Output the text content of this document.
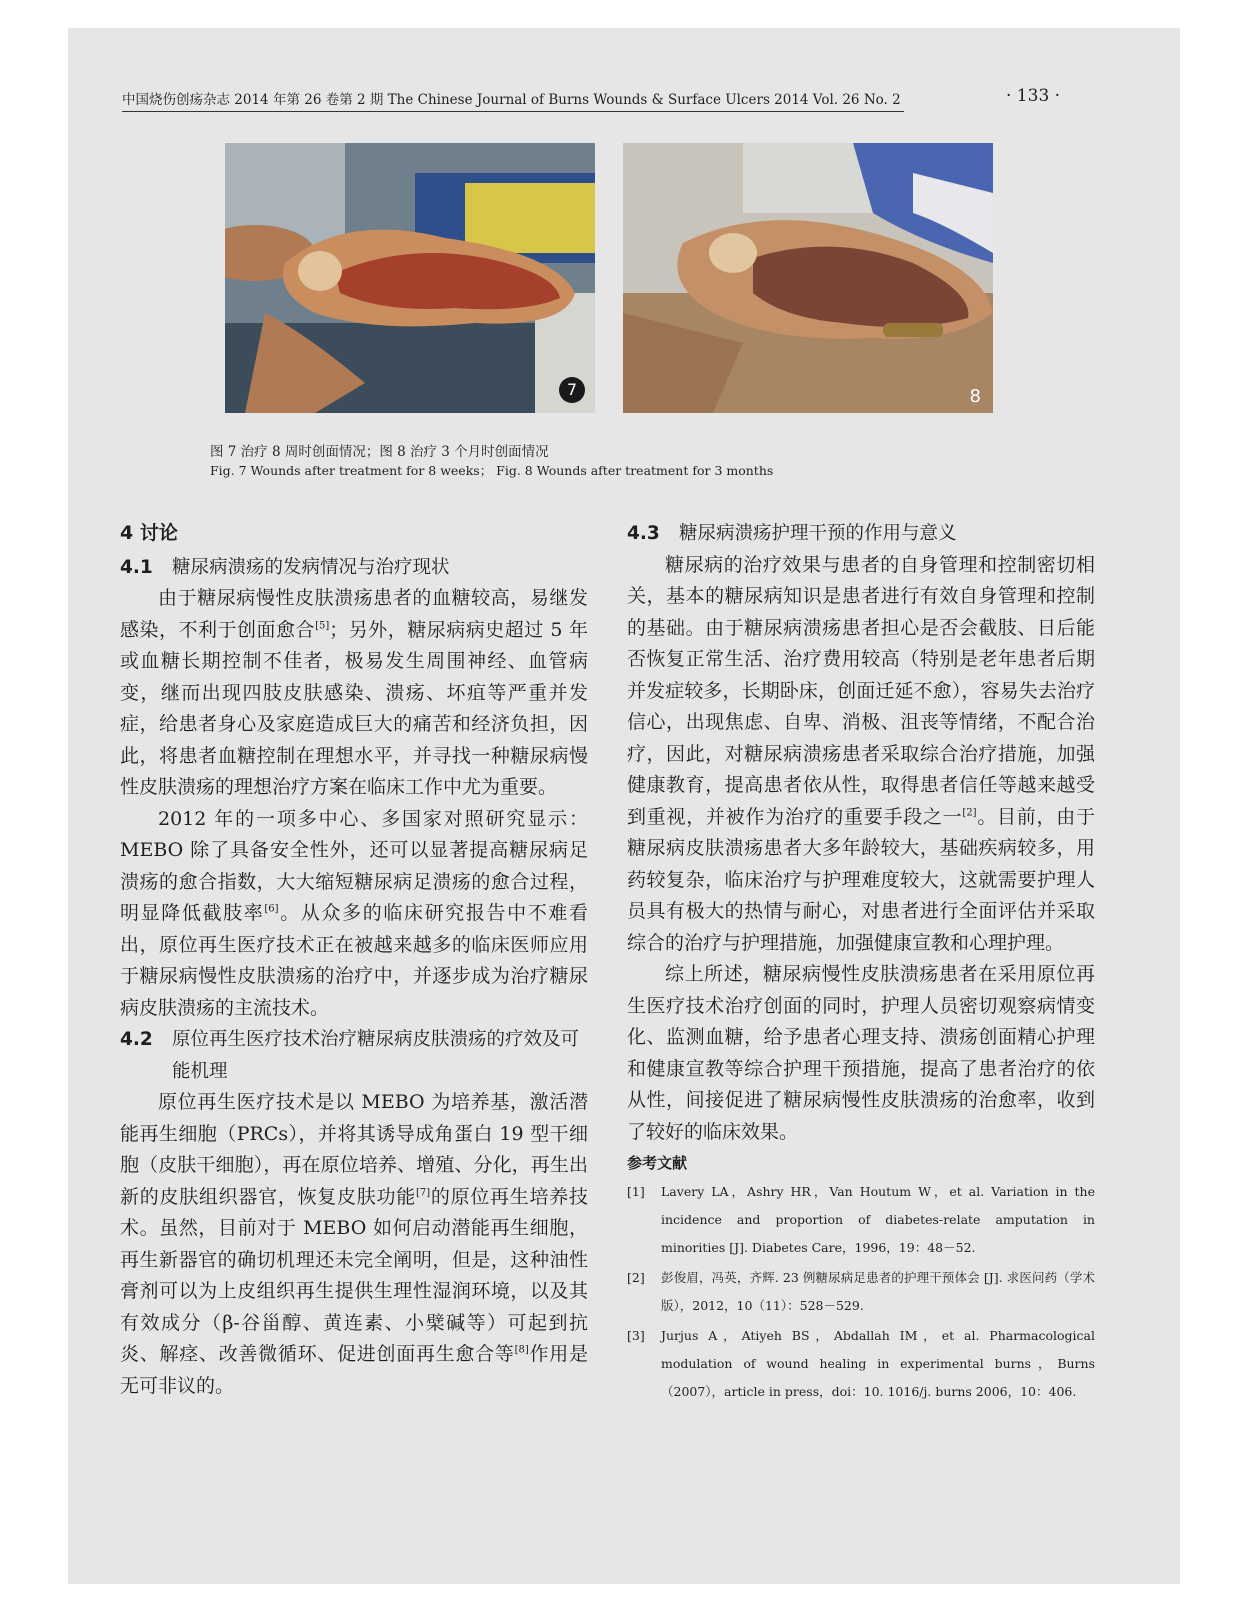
中国烧伤创疡杂志 2014 年第 26 卷第 2 期 The Chinese Journal of Burns Wounds & Surface Ulcers 2014 Vol. 26 No. 2	· 133 ·
7	8
图 7 治疗 8 周时创面情况；图 8 治疗 3 个月时创面情况
Fig. 7 Wounds after treatment for 8 weeks； Fig. 8 Wounds after treatment for 3 months
4 讨论
4.1 糖尿病溃疡的发病情况与治疗现状

由于糖尿病慢性皮肤溃疡患者的血糖较高，易继发感染，不利于创面愈合[5]；另外，糖尿病病史超过 5 年或血糖长期控制不佳者，极易发生周围神经、血管病变，继而出现四肢皮肤感染、溃疡、坏疽等严重并发症，给患者身心及家庭造成巨大的痛苦和经济负担，因此，将患者血糖控制在理想水平，并寻找一种糖尿病慢性皮肤溃疡的理想治疗方案在临床工作中尤为重要。

2012 年的一项多中心、多国家对照研究显示：MEBO 除了具备安全性外，还可以显著提高糖尿病足溃疡的愈合指数，大大缩短糖尿病足溃疡的愈合过程，明显降低截肢率[6]。从众多的临床研究报告中不难看出，原位再生医疗技术正在被越来越多的临床医师应用于糖尿病慢性皮肤溃疡的治疗中，并逐步成为治疗糖尿病皮肤溃疡的主流技术。

4.2 原位再生医疗技术治疗糖尿病皮肤溃疡的疗效及可能机理

原位再生医疗技术是以 MEBO 为培养基，激活潜能再生细胞（PRCs），并将其诱导成角蛋白 19 型干细胞（皮肤干细胞），再在原位培养、增殖、分化，再生出新的皮肤组织器官，恢复皮肤功能[7]的原位再生培养技术。虽然，目前对于 MEBO 如何启动潜能再生细胞，再生新器官的确切机理还未完全阐明，但是，这种油性膏剂可以为上皮组织再生提供生理性湿润环境，以及其有效成分（β-谷甾醇、黄连素、小檗碱等）可起到抗炎、解痉、改善微循环、促进创面再生愈合等[8]作用是无可非议的。

4.3 糖尿病溃疡护理干预的作用与意义

糖尿病的治疗效果与患者的自身管理和控制密切相关，基本的糖尿病知识是患者进行有效自身管理和控制的基础。由于糖尿病溃疡患者担心是否会截肢、日后能否恢复正常生活、治疗费用较高（特别是老年患者后期并发症较多，长期卧床，创面迁延不愈），容易失去治疗信心，出现焦虑、自卑、消极、沮丧等情绪，不配合治疗，因此，对糖尿病溃疡患者采取综合治疗措施，加强健康教育，提高患者依从性，取得患者信任等越来越受到重视，并被作为治疗的重要手段之一[2]。目前，由于糖尿病皮肤溃疡患者大多年龄较大，基础疾病较多，用药较复杂，临床治疗与护理难度较大，这就需要护理人员具有极大的热情与耐心，对患者进行全面评估并采取综合的治疗与护理措施，加强健康宣教和心理护理。

综上所述，糖尿病慢性皮肤溃疡患者在采用原位再生医疗技术治疗创面的同时，护理人员密切观察病情变化、监测血糖，给予患者心理支持、溃疡创面精心护理和健康宣教等综合护理干预措施，提高了患者治疗的依从性，间接促进了糖尿病慢性皮肤溃疡的治愈率，收到了较好的临床效果。

参考文献

[1] Lavery LA，Ashry HR，Van Houtum W，et al. Variation in the incidence and proportion of diabetes-relate amputation in minorities [J]. Diabetes Care，1996，19：48－52.

[2] 彭俊眉，冯英，齐辉. 23 例糖尿病足患者的护理干预体会 [J]. 求医问药（学术版），2012，10（11）：528－529.

[3] Jurjus A，Atiyeh BS，Abdallah IM，et al. Pharmacological modulation of wound healing in experimental burns，Burns（2007），article in press，doi：10. 1016/j. burns 2006，10：406.
